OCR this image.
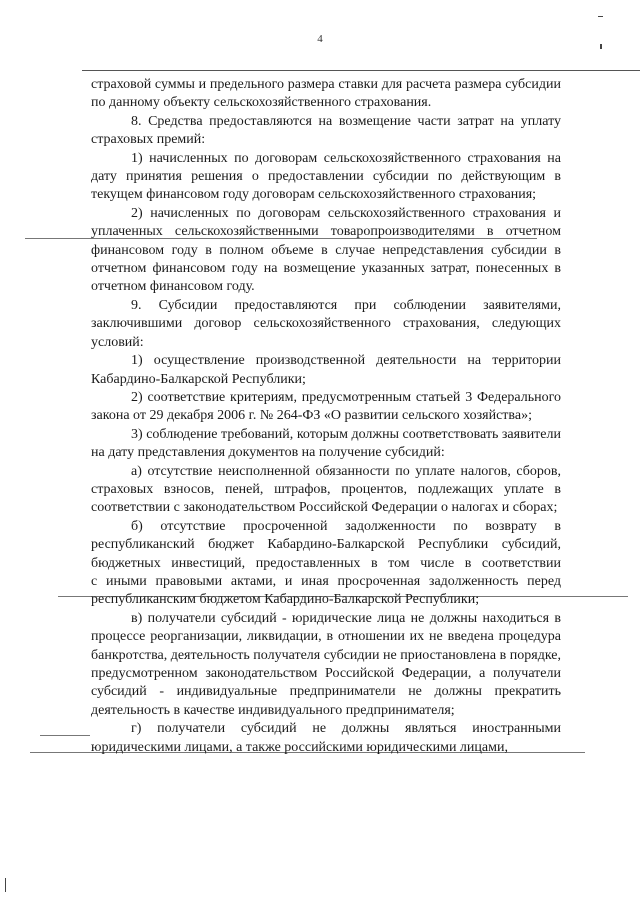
4

страховой суммы и предельного размера ставки для расчета размера субсидии по данному объекту сельскохозяйственного страхования.

8. Средства предоставляются на возмещение части затрат на уплату страховых премий:

1) начисленных по договорам сельскохозяйственного страхования на дату принятия решения о предоставлении субсидии по действующим в текущем финансовом году договорам сельскохозяйственного страхования;

2) начисленных по договорам сельскохозяйственного страхования и уплаченных сельскохозяйственными товаропроизводителями в отчетном финансовом году в полном объеме в случае непредставления субсидии в отчетном финансовом году на возмещение указанных затрат, понесенных в отчетном финансовом году.

9. Субсидии предоставляются при соблюдении заявителями, заключившими договор сельскохозяйственного страхования, следующих условий:

1) осуществление производственной деятельности на территории Кабардино-Балкарской Республики;

2) соответствие критериям, предусмотренным статьей 3 Федерального закона от 29 декабря 2006 г. № 264-ФЗ «О развитии сельского хозяйства»;

3) соблюдение требований, которым должны соответствовать заявители на дату представления документов на получение субсидий:

а) отсутствие неисполненной обязанности по уплате налогов, сборов, страховых взносов, пеней, штрафов, процентов, подлежащих уплате в соответствии с законодательством Российской Федерации о налогах и сборах;

б) отсутствие просроченной задолженности по возврату в республиканский бюджет Кабардино-Балкарской Республики субсидий, бюджетных инвестиций, предоставленных в том числе в соответствии

с иными правовыми актами, и иная просроченная задолженность перед республиканским бюджетом Кабардино-Балкарской Республики;

в) получатели субсидий - юридические лица не должны находиться в процессе реорганизации, ликвидации, в отношении их не введена процедура банкротства, деятельность получателя субсидии не приостановлена в порядке, предусмотренном законодательством Российской Федерации, а получатели субсидий - индивидуальные предприниматели не должны прекратить деятельность в качестве индивидуального предпринимателя;

г) получатели субсидий не должны являться иностранными юридическими лицами, а также российскими юридическими лицами,
